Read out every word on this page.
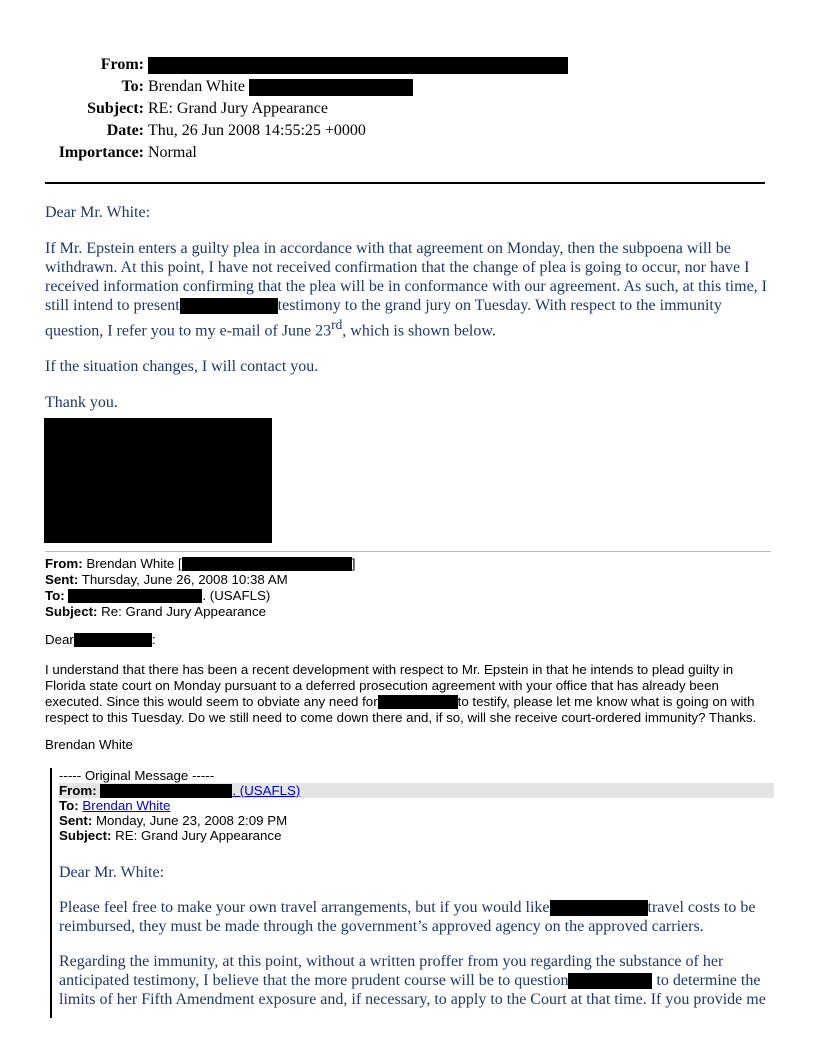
From:
To: Brendan White

Subject: RE: Grand Jury Appearance
Date: Thu, 26 Jun 2008 14:55:25 +0000
Importance: Normal

Dear Mr. White:

If Mr. Epstein enters a guilty plea in accordance with that agreement on Monday, then the subpoena will be withdrawn. At this point, I have not received confirmation that the change of plea is going to occur, nor have I received information confirming that the plea will be in conformance with our agreement. As such, at this time, I still intend to present	testimony to the grand jury on Tuesday. With respect to the immunity question, I refer you to my e-mail of June 23rd, which is shown below.

If the situation changes, I will contact you.

Thank you.

From: Brendan White [	]
Sent: Thursday, June 26, 2008 10:38 AM
To:	. (USAFLS)
Subject: Re: Grand Jury Appearance

Dear	:

I understand that there has been a recent development with respect to Mr. Epstein in that he intends to plead guilty in Florida state court on Monday pursuant to a deferred prosecution agreement with your office that has already been executed. Since this would seem to obviate any need for	to testify, please let me know what is going on with respect to this Tuesday. Do we still need to come down there and, if so, will she receive court-ordered immunity? Thanks.

Brendan White

----- Original Message -----
From:
	. (USAFLS)
To: Brendan White
Sent: Monday, June 23, 2008 2:09 PM
Subject: RE: Grand Jury Appearance

Dear Mr. White:

Please feel free to make your own travel arrangements, but if you would like	travel costs to be reimbursed, they must be made through the government’s approved agency on the approved carriers.

Regarding the immunity, at this point, without a written proffer from you regarding the substance of her anticipated testimony, I believe that the more prudent course will be to question	to determine the limits of her Fifth Amendment exposure and, if necessary, to apply to the Court at that time. If you provide me
